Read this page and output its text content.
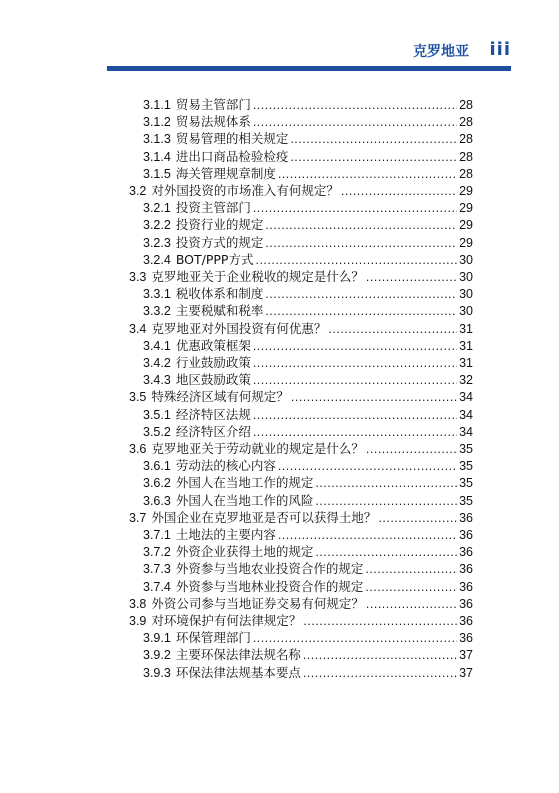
克罗地亚 iii
3.1.1 贸易主管部门 .....	28
3.1.2 贸易法规体系 .....	28
3.1.3 贸易管理的相关规定 .....	28
3.1.4 进出口商品检验检疫 .....	28
3.1.5 海关管理规章制度 .....	28
3.2 对外国投资的市场准入有何规定？ .....	29
3.2.1 投资主管部门 .....	29
3.2.2 投资行业的规定 .....	29
3.2.3 投资方式的规定 .....	29
3.2.4 BOT/PPP方式 .....	30
3.3 克罗地亚关于企业税收的规定是什么？ .....	30
3.3.1 税收体系和制度 .....	30
3.3.2 主要税赋和税率 .....	30
3.4 克罗地亚对外国投资有何优惠？ .....	31
3.4.1 优惠政策框架 .....	31
3.4.2 行业鼓励政策 .....	31
3.4.3 地区鼓励政策 .....	32
3.5 特殊经济区域有何规定？ .....	34
3.5.1 经济特区法规 .....	34
3.5.2 经济特区介绍 .....	34
3.6 克罗地亚关于劳动就业的规定是什么？ .....	35
3.6.1 劳动法的核心内容 .....	35
3.6.2 外国人在当地工作的规定 .....	35
3.6.3 外国人在当地工作的风险 .....	35
3.7 外国企业在克罗地亚是否可以获得土地？ .....	36
3.7.1 土地法的主要内容 .....	36
3.7.2 外资企业获得土地的规定 .....	36
3.7.3 外资参与当地农业投资合作的规定 .....	36
3.7.4 外资参与当地林业投资合作的规定 .....	36
3.8 外资公司参与当地证券交易有何规定？ .....	36
3.9 对环境保护有何法律规定？ .....	36
3.9.1 环保管理部门 .....	36
3.9.2 主要环保法律法规名称 .....	37
3.9.3 环保法律法规基本要点 .....	37
